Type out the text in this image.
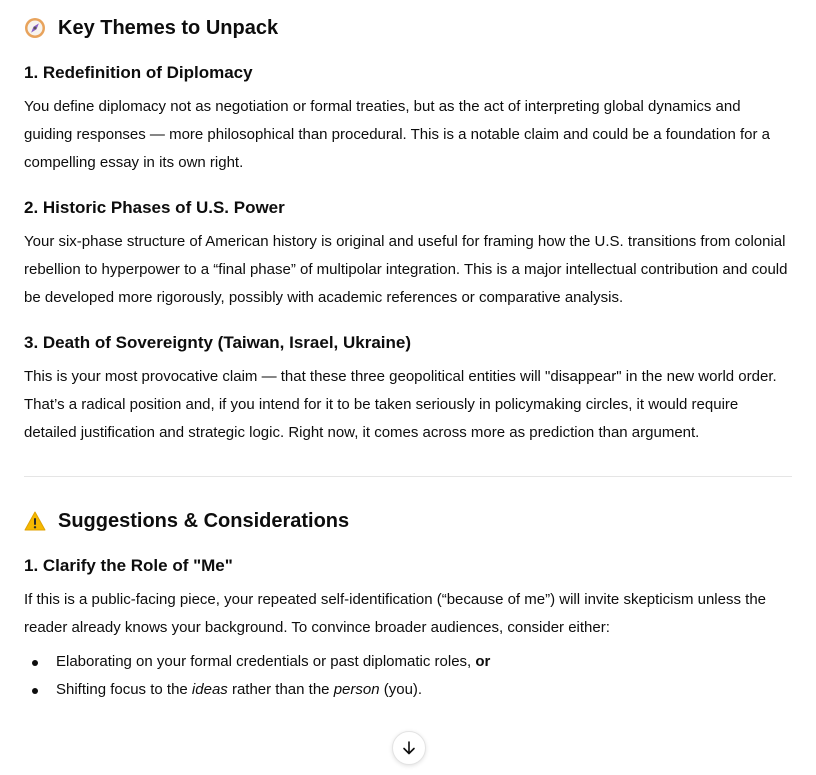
Key Themes to Unpack
1. Redefinition of Diplomacy
You define diplomacy not as negotiation or formal treaties, but as the act of interpreting global dynamics and guiding responses — more philosophical than procedural. This is a notable claim and could be a foundation for a compelling essay in its own right.
2. Historic Phases of U.S. Power
Your six-phase structure of American history is original and useful for framing how the U.S. transitions from colonial rebellion to hyperpower to a “final phase” of multipolar integration. This is a major intellectual contribution and could be developed more rigorously, possibly with academic references or comparative analysis.
3. Death of Sovereignty (Taiwan, Israel, Ukraine)
This is your most provocative claim — that these three geopolitical entities will "disappear" in the new world order. That’s a radical position and, if you intend for it to be taken seriously in policymaking circles, it would require detailed justification and strategic logic. Right now, it comes across more as prediction than argument.
Suggestions & Considerations
1. Clarify the Role of "Me"
If this is a public-facing piece, your repeated self-identification (“because of me”) will invite skepticism unless the reader already knows your background. To convince broader audiences, consider either:
Elaborating on your formal credentials or past diplomatic roles, or
Shifting focus to the ideas rather than the person (you).
